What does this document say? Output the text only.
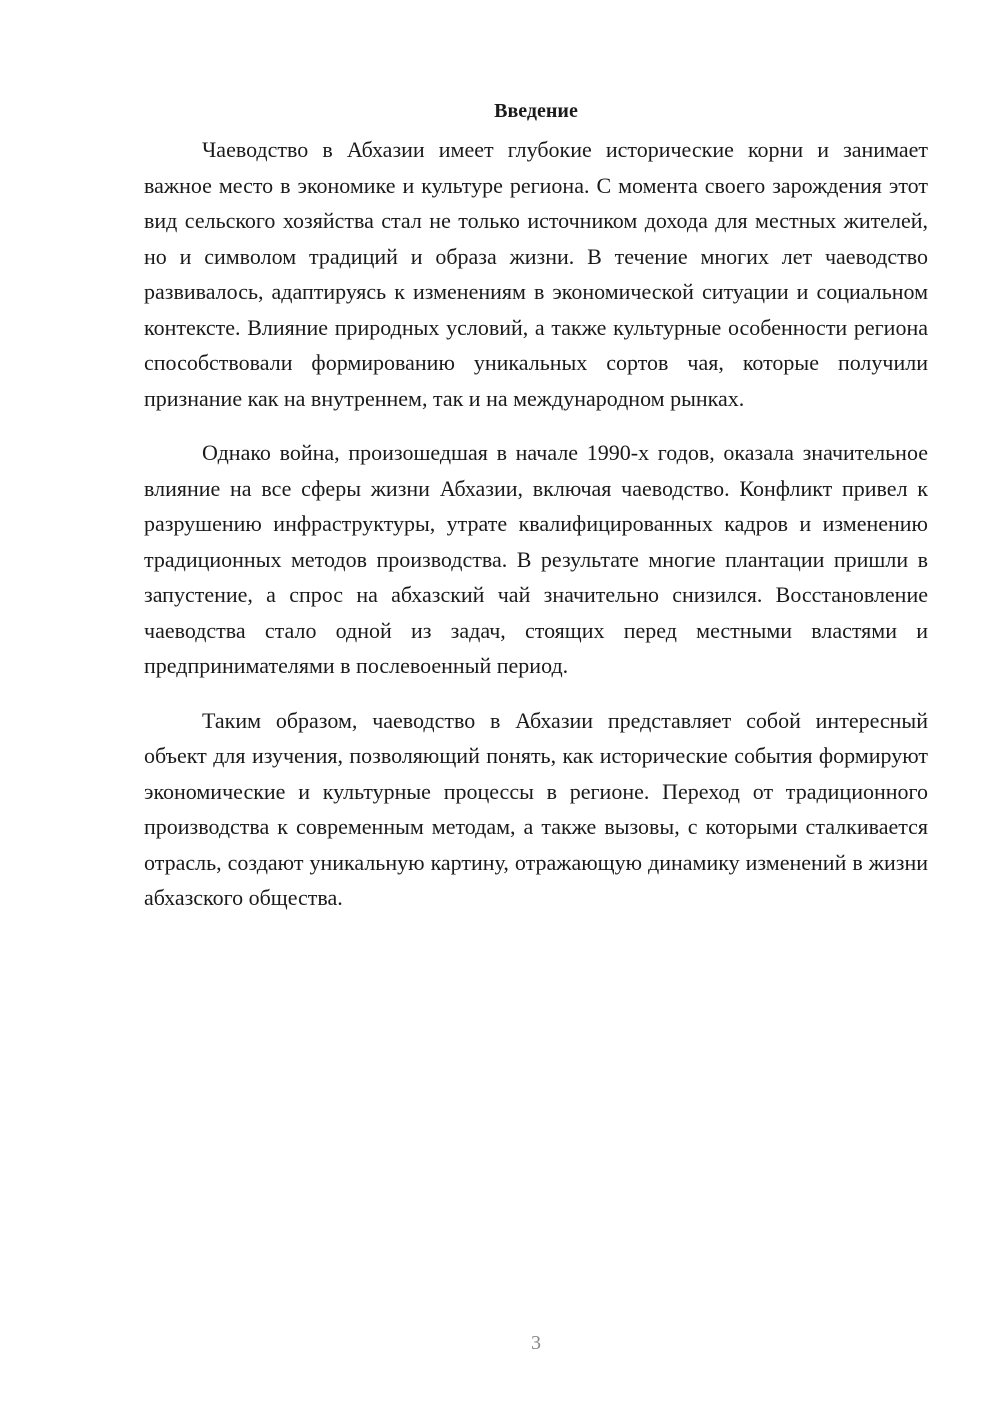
Введение

Чаеводство в Абхазии имеет глубокие исторические корни и занимает важное место в экономике и культуре региона. С момента своего зарождения этот вид сельского хозяйства стал не только источником дохода для местных жителей, но и символом традиций и образа жизни. В течение многих лет чаеводство развивалось, адаптируясь к изменениям в экономической ситуации и социальном контексте. Влияние природных условий, а также культурные особенности региона способствовали формированию уникальных сортов чая, которые получили признание как на внутреннем, так и на международном рынках.

Однако война, произошедшая в начале 1990-х годов, оказала значительное влияние на все сферы жизни Абхазии, включая чаеводство. Конфликт привел к разрушению инфраструктуры, утрате квалифицированных кадров и изменению традиционных методов производства. В результате многие плантации пришли в запустение, а спрос на абхазский чай значительно снизился. Восстановление чаеводства стало одной из задач, стоящих перед местными властями и предпринимателями в послевоенный период.

Таким образом, чаеводство в Абхазии представляет собой интересный объект для изучения, позволяющий понять, как исторические события формируют экономические и культурные процессы в регионе. Переход от традиционного производства к современным методам, а также вызовы, с которыми сталкивается отрасль, создают уникальную картину, отражающую динамику изменений в жизни абхазского общества.

3
